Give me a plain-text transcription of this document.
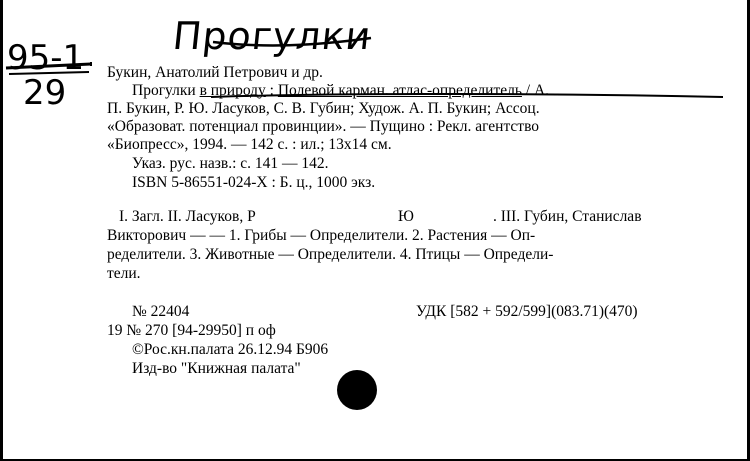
Прогулки
95-1
29
Букин, Анатолий Петрович и др.
Прогулки в природу : Полевой карман. атлас-определитель / А.
П. Букин, Р. Ю. Ласуков, С. В. Губин; Худож. А. П. Букин; Ассоц.
«Образоват. потенциал провинции». — Пущино : Рекл. агентство
«Биопресс», 1994. — 142 с. : ил.; 13x14 см.
Указ. рус. назв.: с. 141 — 142.
ISBN 5-86551-024-X : Б. ц., 1000 экз.
I. Загл. II. Ласуков, Р	Ю	. III. Губин, Станислав
Викторович — — 1. Грибы — Определители. 2. Растения — Оп-
ределители. 3. Животные — Определители. 4. Птицы — Определи-
тели.
№ 22404	УДК [582 + 592/599](083.71)(470)
19 № 270 [94-29950] п оф
©Рос.кн.палата 26.12.94 Б906
Изд-во "Книжная палата"
